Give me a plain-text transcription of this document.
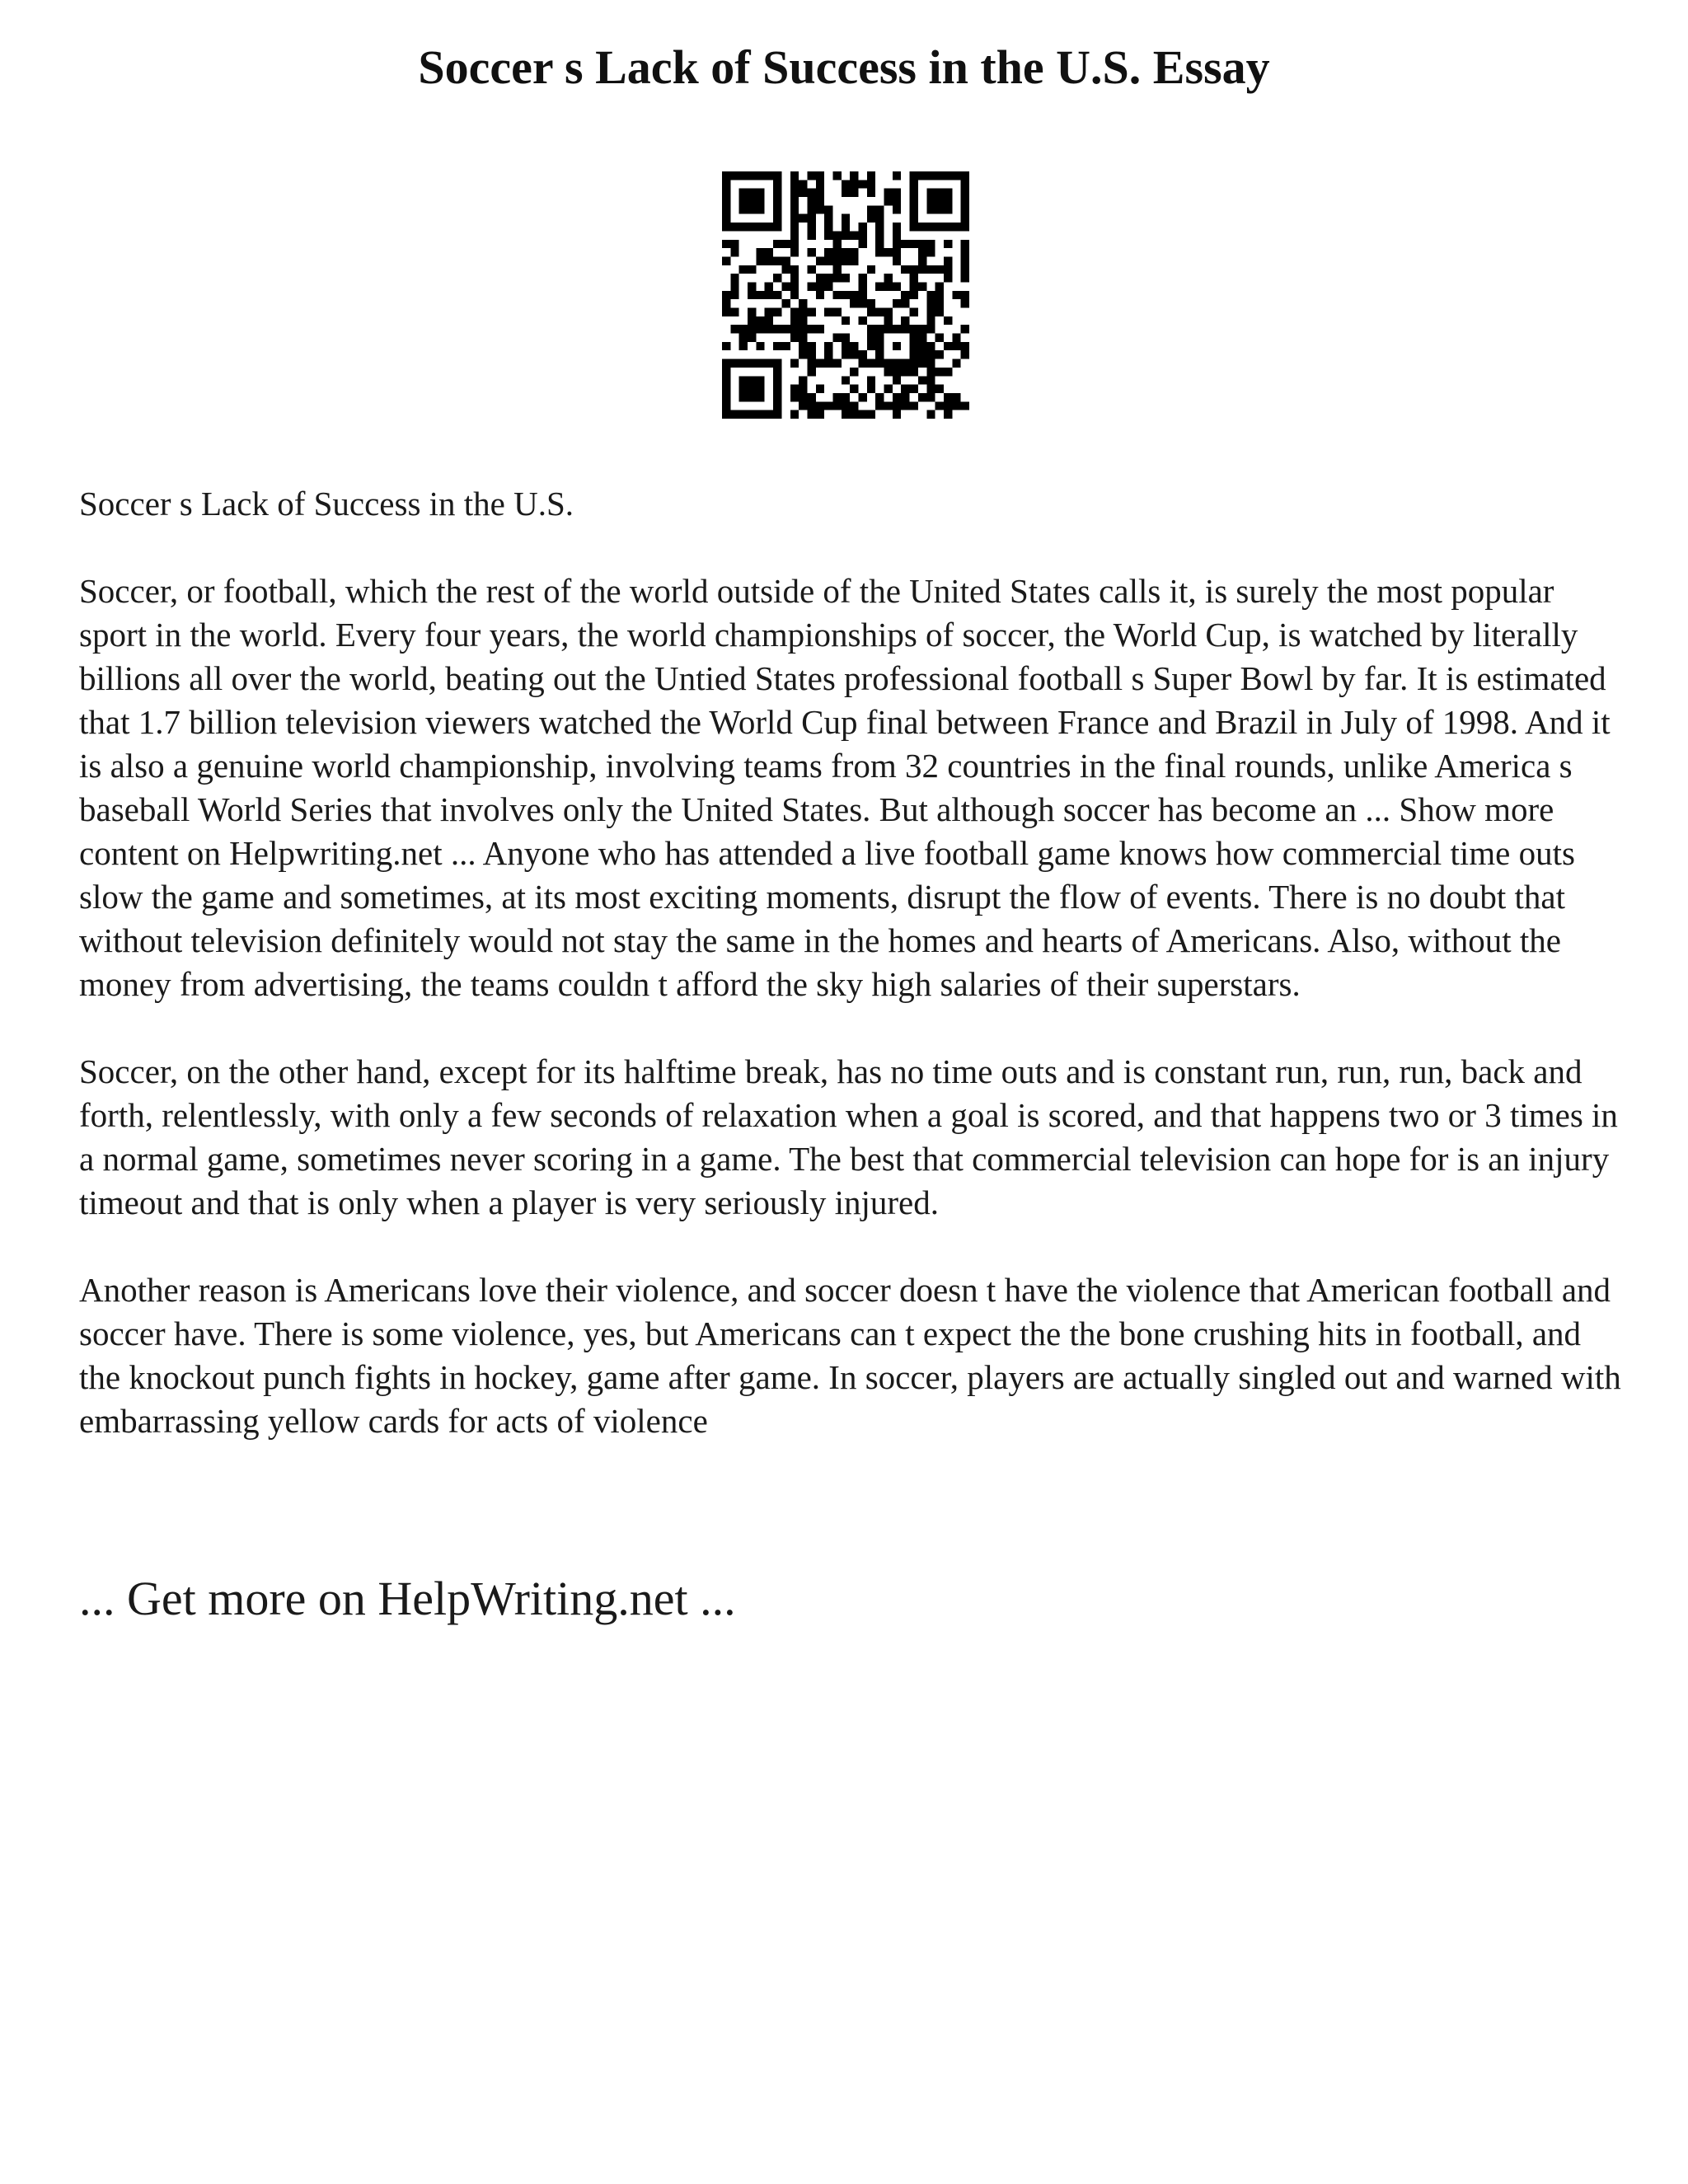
Soccer s Lack of Success in the U.S. Essay

Soccer s Lack of Success in the U.S.

Soccer, or football, which the rest of the world outside of the United States calls it, is surely the most popular sport in the world. Every four years, the world championships of soccer, the World Cup, is watched by literally billions all over the world, beating out the Untied States professional football s Super Bowl by far. It is estimated that 1.7 billion television viewers watched the World Cup final between France and Brazil in July of 1998. And it is also a genuine world championship, involving teams from 32 countries in the final rounds, unlike America s baseball World Series that involves only the United States. But although soccer has become an ... Show more content on Helpwriting.net ... Anyone who has attended a live football game knows how commercial time outs slow the game and sometimes, at its most exciting moments, disrupt the flow of events. There is no doubt that without television definitely would not stay the same in the homes and hearts of Americans. Also, without the money from advertising, the teams couldn t afford the sky high salaries of their superstars.

Soccer, on the other hand, except for its halftime break, has no time outs and is constant run, run, run, back and forth, relentlessly, with only a few seconds of relaxation when a goal is scored, and that happens two or 3 times in a normal game, sometimes never scoring in a game. The best that commercial television can hope for is an injury timeout and that is only when a player is very seriously injured.

Another reason is Americans love their violence, and soccer doesn t have the violence that American football and soccer have. There is some violence, yes, but Americans can t expect the the bone crushing hits in football, and the knockout punch fights in hockey, game after game. In soccer, players are actually singled out and warned with embarrassing yellow cards for acts of violence

... Get more on HelpWriting.net ...
